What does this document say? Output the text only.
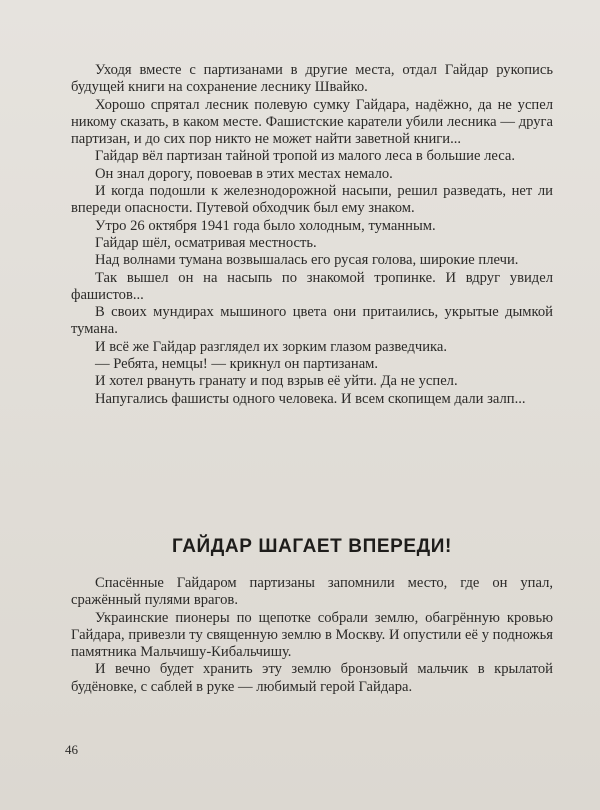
Уходя вместе с партизанами в другие места, отдал Гайдар рукопись будущей книги на сохранение леснику Швайко.

Хорошо спрятал лесник полевую сумку Гайдара, надёжно, да не успел никому сказать, в каком месте. Фашистские каратели убили лесника — друга партизан, и до сих пор никто не может найти заветной книги...

Гайдар вёл партизан тайной тропой из малого леса в большие леса.

Он знал дорогу, повоевав в этих местах немало.

И когда подошли к железнодорожной насыпи, решил разведать, нет ли впереди опасности. Путевой обходчик был ему знаком.

Утро 26 октября 1941 года было холодным, туманным.

Гайдар шёл, осматривая местность.

Над волнами тумана возвышалась его русая голова, широкие плечи.

Так вышел он на насыпь по знакомой тропинке. И вдруг увидел фашистов...

В своих мундирах мышиного цвета они притаились, укрытые дымкой тумана.

И всё же Гайдар разглядел их зорким глазом разведчика.

— Ребята, немцы! — крикнул он партизанам.

И хотел рвануть гранату и под взрыв её уйти. Да не успел.

Напугались фашисты одного человека. И всем скопищем дали залп...

ГАЙДАР ШАГАЕТ ВПЕРЕДИ!

Спасённые Гайдаром партизаны запомнили место, где он упал, сражённый пулями врагов.

Украинские пионеры по щепотке собрали землю, обагрённую кровью Гайдара, привезли ту священную землю в Москву. И опустили её у подножья памятника Мальчишу-Кибальчишу.

И вечно будет хранить эту землю бронзовый мальчик в крылатой будёновке, с саблей в руке — любимый герой Гайдара.

46
